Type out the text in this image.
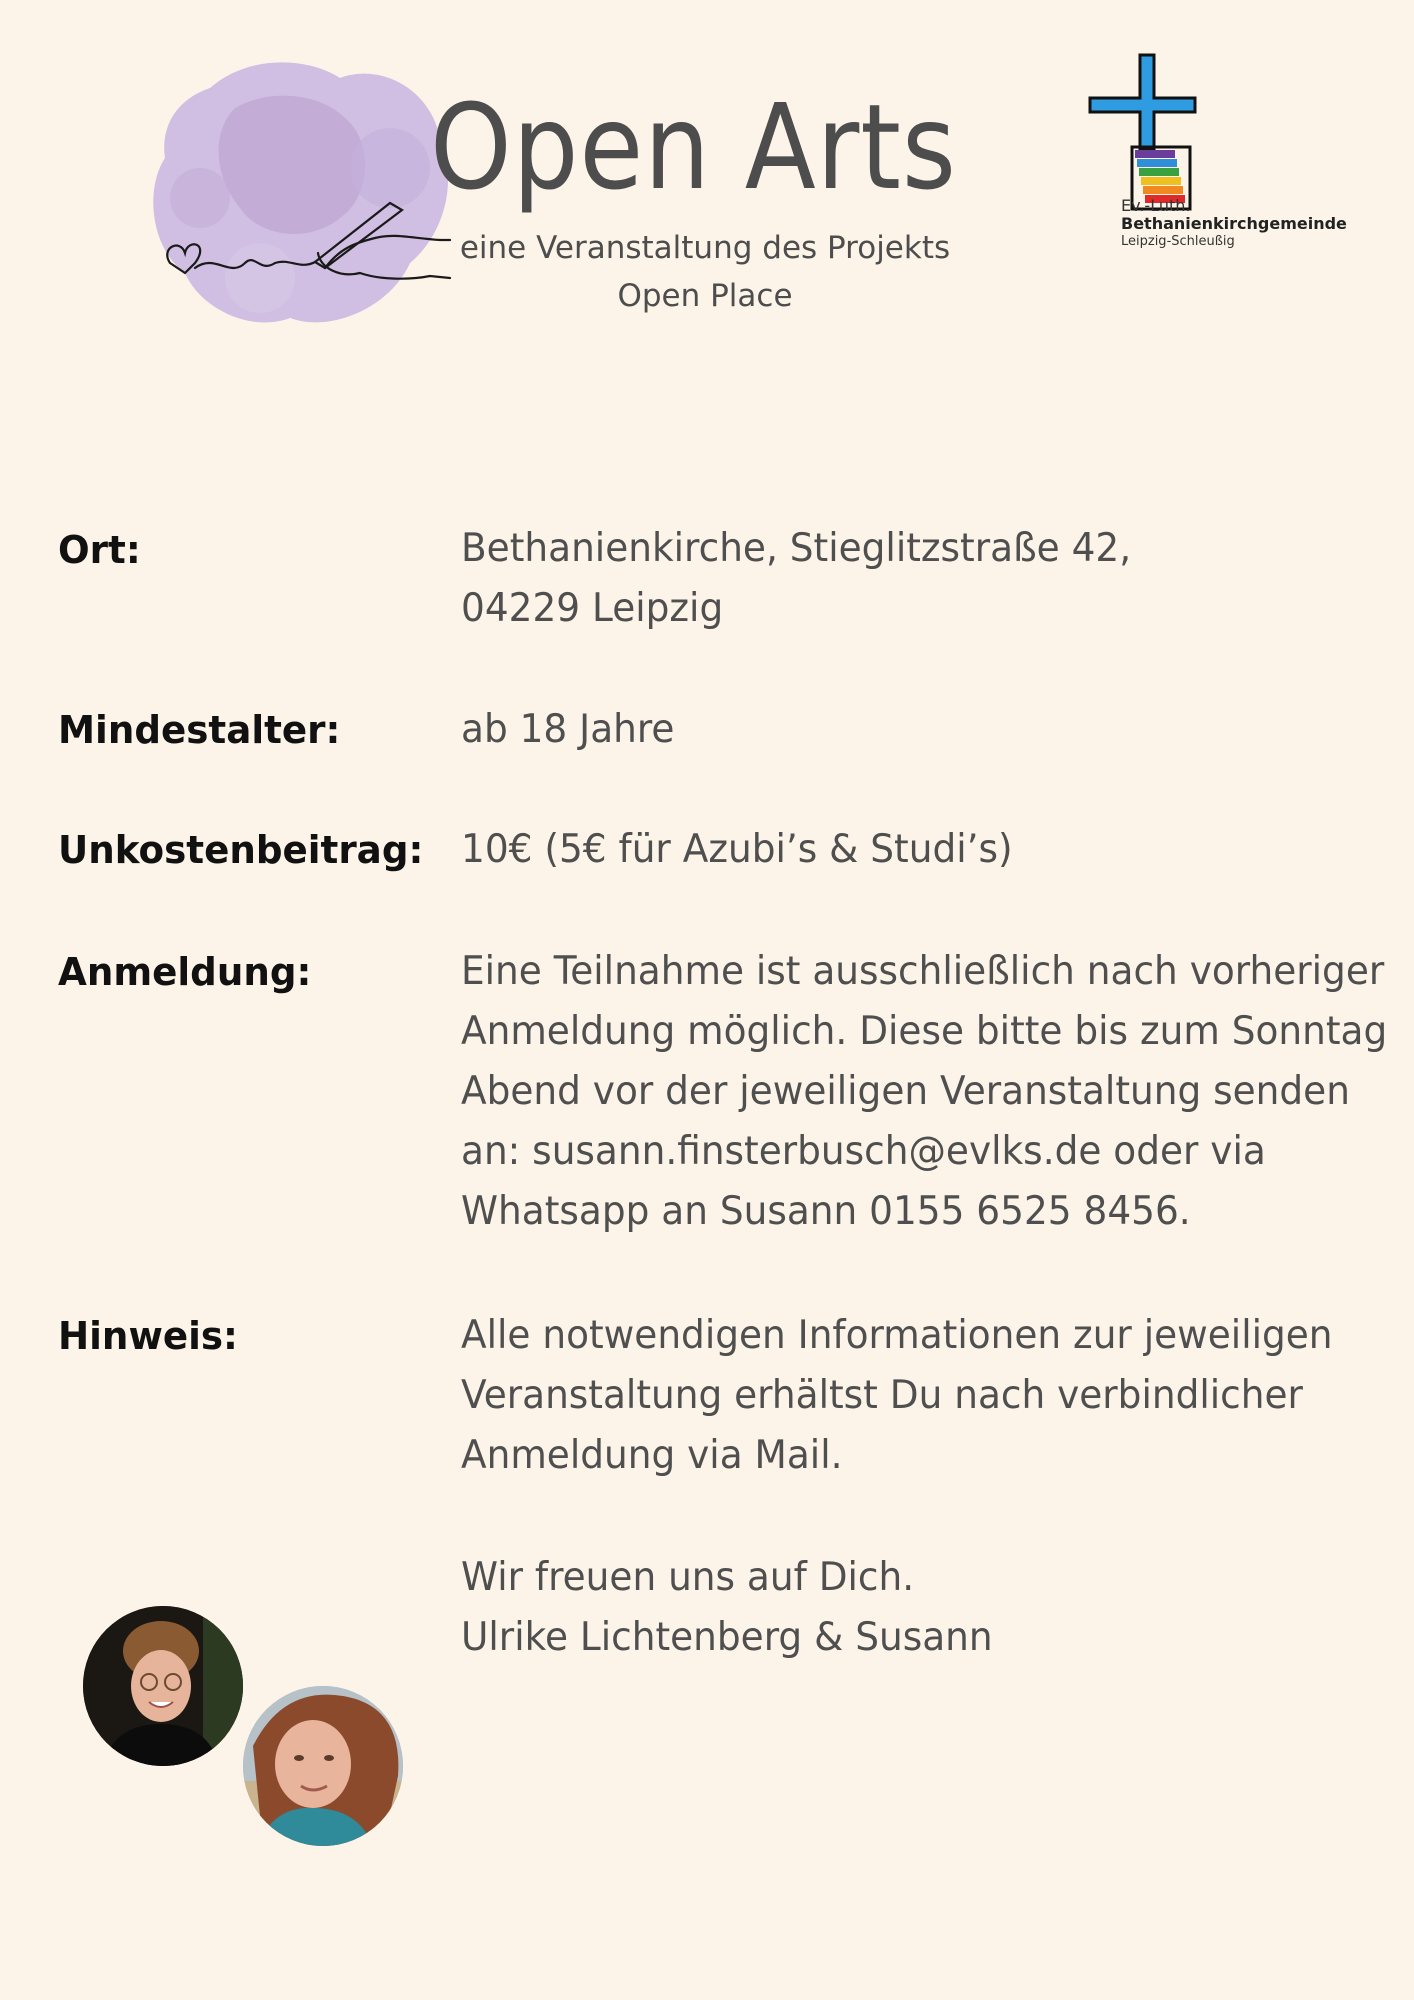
Open Arts
eine Veranstaltung des Projekts
Open Place
Ev.-Luth.
Bethanienkirchgemeinde
Leipzig-Schleußig
Ort:	Bethanienkirche, Stieglitzstraße 42,
04229 Leipzig
Mindestalter:	ab 18 Jahre
Unkostenbeitrag: 10€ (5€ für Azubi’s & Studi’s)
Anmeldung:	Eine Teilnahme ist ausschließlich nach vorheriger
Anmeldung möglich. Diese bitte bis zum Sonntag
Abend vor der jeweiligen Veranstaltung senden
an: susann.finsterbusch@evlks.de oder via
Whatsapp an Susann 0155 6525 8456.
Hinweis:	Alle notwendigen Informationen zur jeweiligen
Veranstaltung erhältst Du nach verbindlicher
Anmeldung via Mail.
Wir freuen uns auf Dich.
Ulrike Lichtenberg & Susann
